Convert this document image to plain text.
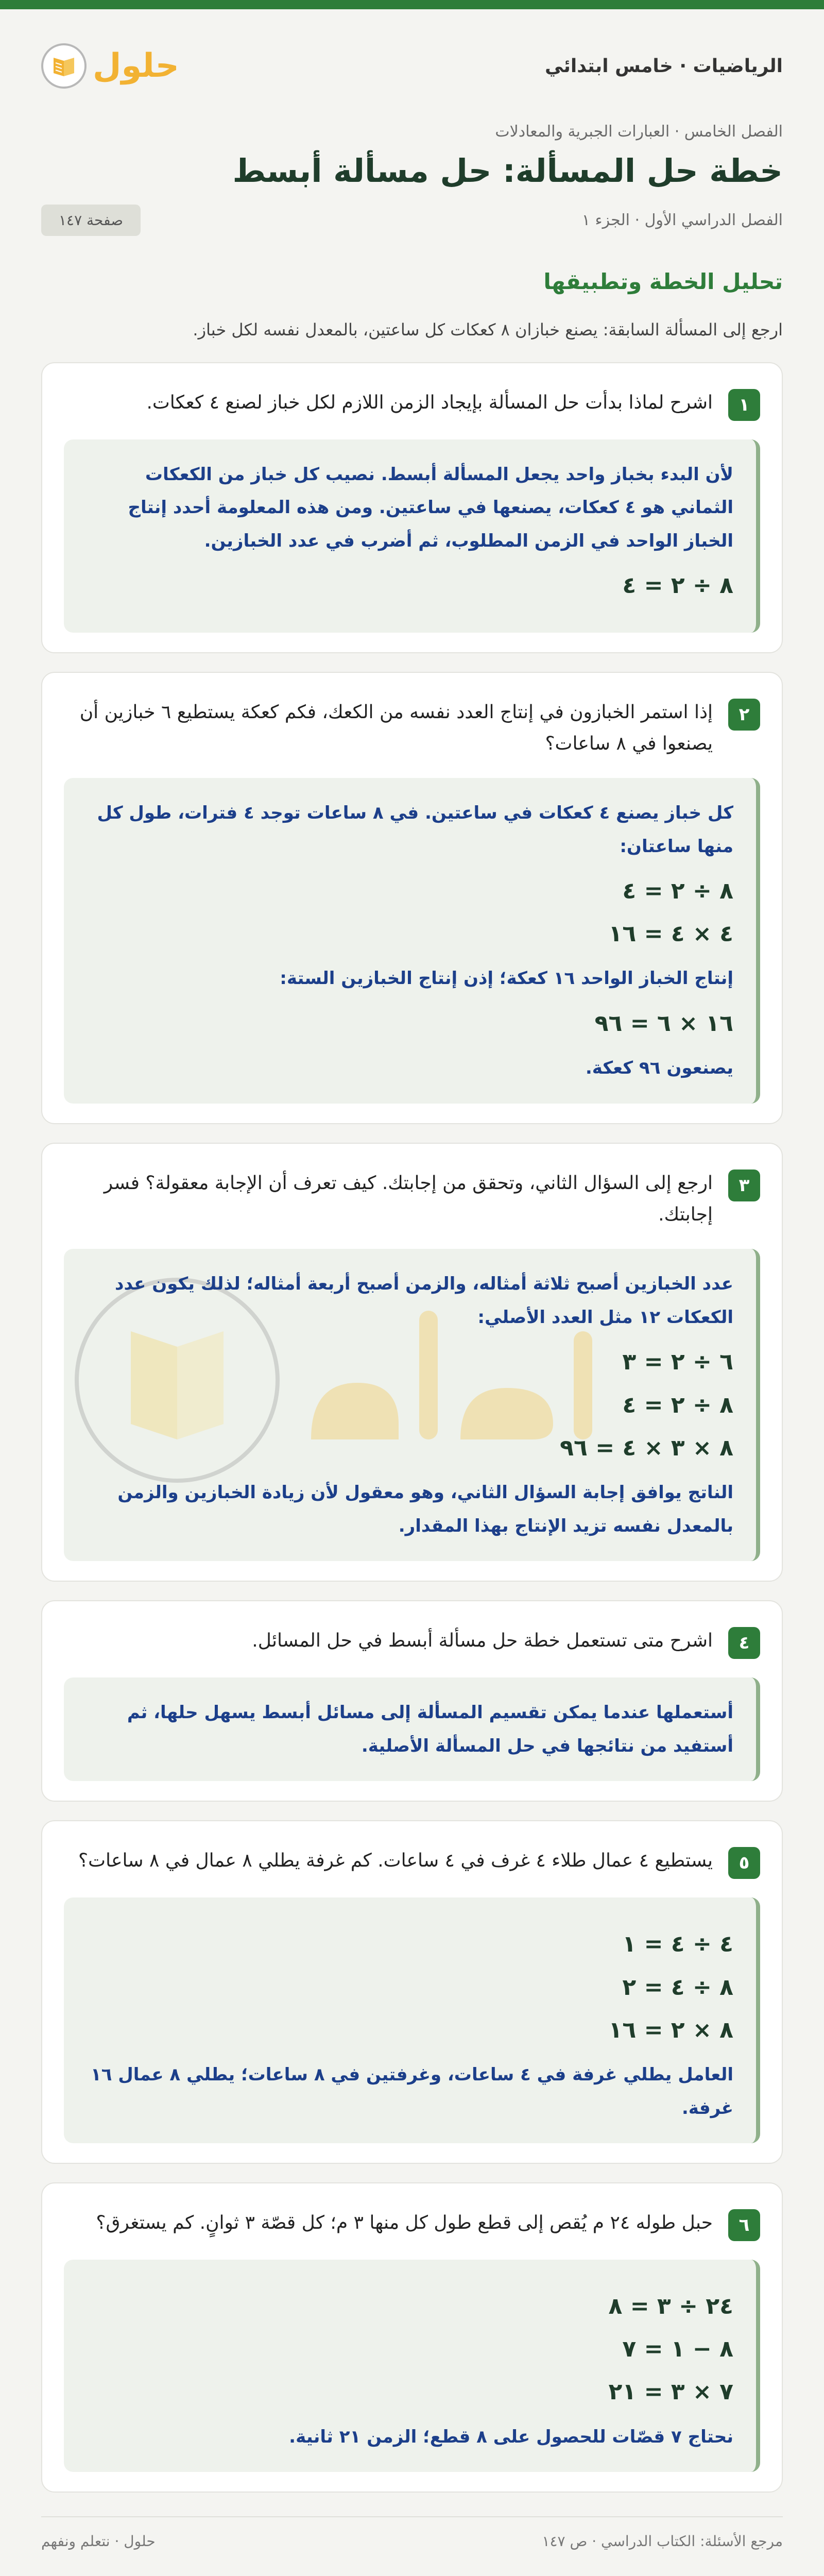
الرياضيات · خامس ابتدائي
حلول
الفصل الخامس · العبارات الجبرية والمعادلات
خطة حل المسألة: حل مسألة أبسط
الفصل الدراسي الأول · الجزء ١
صفحة ١٤٧
تحليل الخطة وتطبيقها
ارجع إلى المسألة السابقة: يصنع خبازان ٨ كعكات كل ساعتين، بالمعدل نفسه لكل خباز.
١
اشرح لماذا بدأت حل المسألة بإيجاد الزمن اللازم لكل خباز لصنع ٤ كعكات.
لأن البدء بخباز واحد يجعل المسألة أبسط. نصيب كل خباز من الكعكات الثماني هو ٤ كعكات، يصنعها في ساعتين. ومن هذه المعلومة أحدد إنتاج الخباز الواحد في الزمن المطلوب، ثم أضرب في عدد الخبازين.
٨ ÷ ٢ = ٤
٢
إذا استمر الخبازون في إنتاج العدد نفسه من الكعك، فكم كعكة يستطيع ٦ خبازين أن يصنعوا في ٨ ساعات؟
كل خباز يصنع ٤ كعكات في ساعتين. في ٨ ساعات توجد ٤ فترات، طول كل منها ساعتان:
٨ ÷ ٢ = ٤
٤ × ٤ = ١٦
إنتاج الخباز الواحد ١٦ كعكة؛ إذن إنتاج الخبازين الستة:
١٦ × ٦ = ٩٦
يصنعون ٩٦ كعكة.
٣
ارجع إلى السؤال الثاني، وتحقق من إجابتك. كيف تعرف أن الإجابة معقولة؟ فسر إجابتك.
عدد الخبازين أصبح ثلاثة أمثاله، والزمن أصبح أربعة أمثاله؛ لذلك يكون عدد الكعكات ١٢ مثل العدد الأصلي:
٦ ÷ ٢ = ٣
٨ ÷ ٢ = ٤
٨ × ٣ × ٤ = ٩٦
الناتج يوافق إجابة السؤال الثاني، وهو معقول لأن زيادة الخبازين والزمن بالمعدل نفسه تزيد الإنتاج بهذا المقدار.
٤
اشرح متى تستعمل خطة حل مسألة أبسط في حل المسائل.
أستعملها عندما يمكن تقسيم المسألة إلى مسائل أبسط يسهل حلها، ثم أستفيد من نتائجها في حل المسألة الأصلية.
٥
يستطيع ٤ عمال طلاء ٤ غرف في ٤ ساعات. كم غرفة يطلي ٨ عمال في ٨ ساعات؟
٤ ÷ ٤ = ١
٨ ÷ ٤ = ٢
٨ × ٢ = ١٦
العامل يطلي غرفة في ٤ ساعات، وغرفتين في ٨ ساعات؛ يطلي ٨ عمال ١٦ غرفة.
٦
حبل طوله ٢٤ م يُقص إلى قطع طول كل منها ٣ م؛ كل قصّة ٣ ثوانٍ. كم يستغرق؟
٢٤ ÷ ٣ = ٨
٨ − ١ = ٧
٧ × ٣ = ٢١
نحتاج ٧ قصّات للحصول على ٨ قطع؛ الزمن ٢١ ثانية.
مرجع الأسئلة: الكتاب الدراسي · ص ١٤٧
حلول · نتعلم ونفهم
